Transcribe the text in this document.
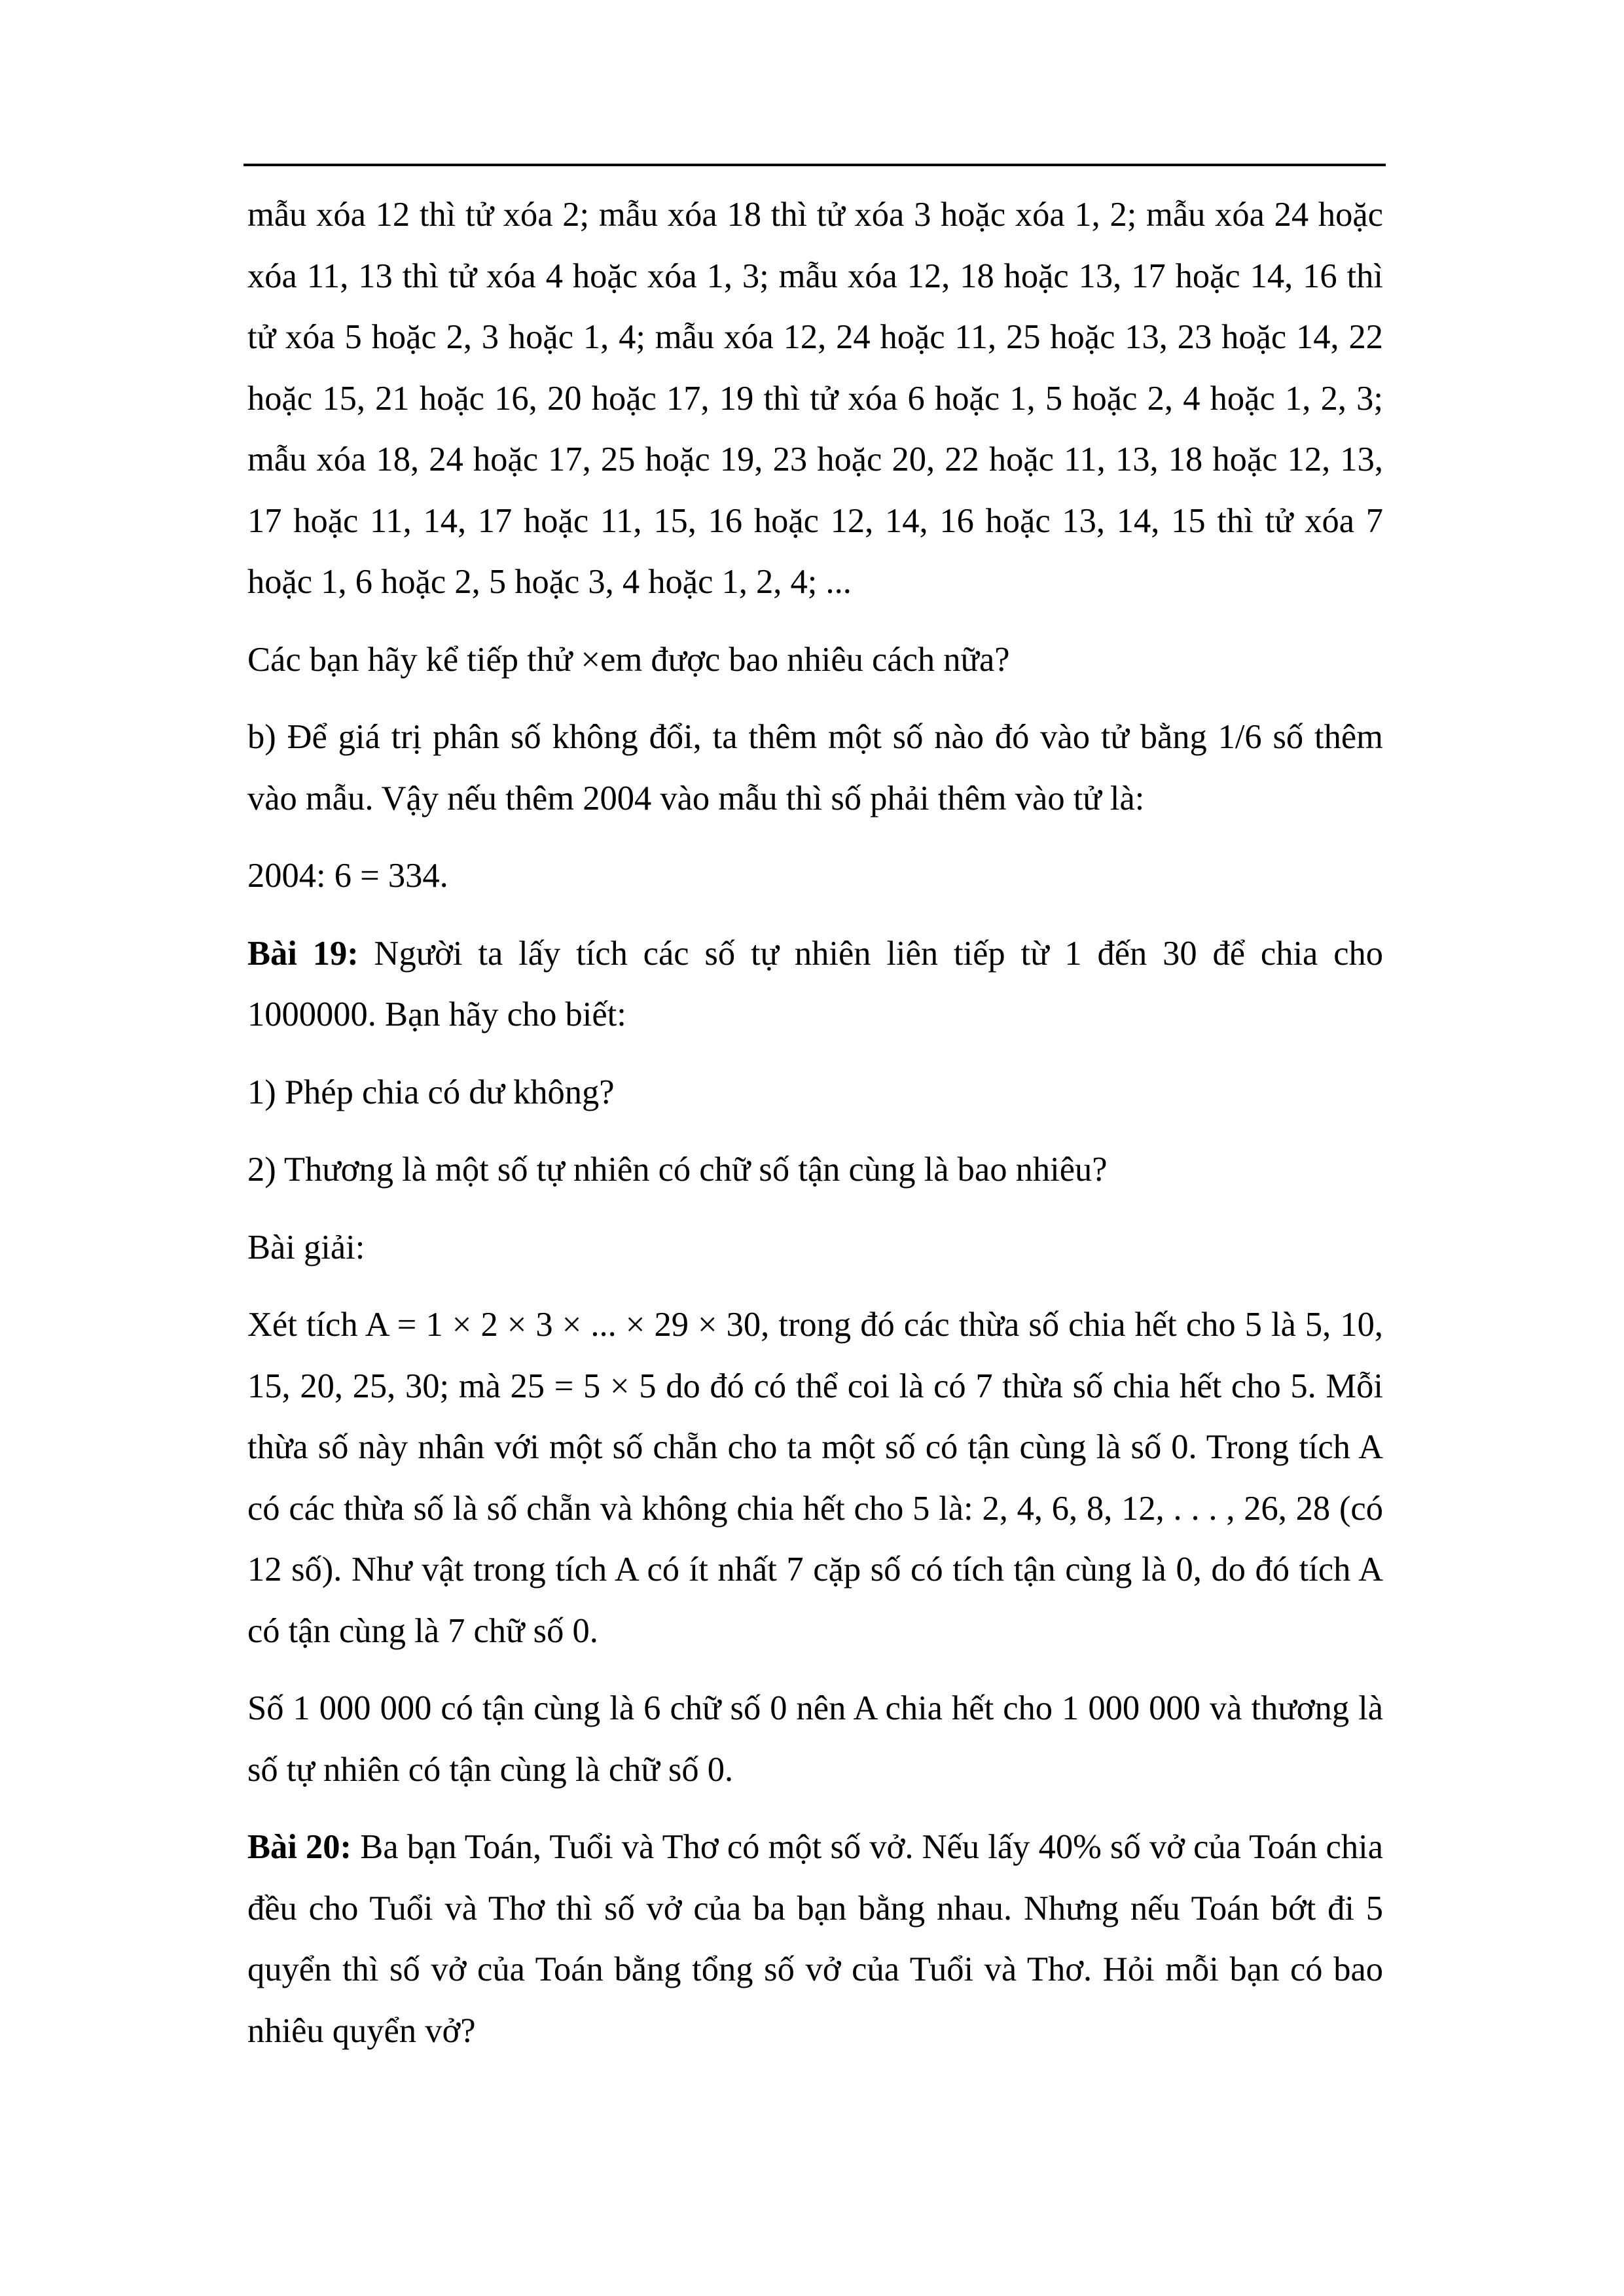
mẫu xóa 12 thì tử xóa 2; mẫu xóa 18 thì tử xóa 3 hoặc xóa 1, 2; mẫu xóa 24 hoặc xóa 11, 13 thì tử xóa 4 hoặc xóa 1, 3; mẫu xóa 12, 18 hoặc 13, 17 hoặc 14, 16 thì tử xóa 5 hoặc 2, 3 hoặc 1, 4; mẫu xóa 12, 24 hoặc 11, 25 hoặc 13, 23 hoặc 14, 22 hoặc 15, 21 hoặc 16, 20 hoặc 17, 19 thì tử xóa 6 hoặc 1, 5 hoặc 2, 4 hoặc 1, 2, 3; mẫu xóa 18, 24 hoặc 17, 25 hoặc 19, 23 hoặc 20, 22 hoặc 11, 13, 18 hoặc 12, 13, 17 hoặc 11, 14, 17 hoặc 11, 15, 16 hoặc 12, 14, 16 hoặc 13, 14, 15 thì tử xóa 7 hoặc 1, 6 hoặc 2, 5 hoặc 3, 4 hoặc 1, 2, 4; ...

Các bạn hãy kể tiếp thử ×em được bao nhiêu cách nữa?

b) Để giá trị phân số không đổi, ta thêm một số nào đó vào tử bằng 1/6 số thêm vào mẫu. Vậy nếu thêm 2004 vào mẫu thì số phải thêm vào tử là:

2004: 6 = 334.

Bài 19: Người ta lấy tích các số tự nhiên liên tiếp từ 1 đến 30 để chia cho 1000000. Bạn hãy cho biết:

1) Phép chia có dư không?

2) Thương là một số tự nhiên có chữ số tận cùng là bao nhiêu?

Bài giải:

Xét tích A = 1 × 2 × 3 × ... × 29 × 30, trong đó các thừa số chia hết cho 5 là 5, 10, 15, 20, 25, 30; mà 25 = 5 × 5 do đó có thể coi là có 7 thừa số chia hết cho 5. Mỗi thừa số này nhân với một số chẵn cho ta một số có tận cùng là số 0. Trong tích A có các thừa số là số chẵn và không chia hết cho 5 là: 2, 4, 6, 8, 12, . . . , 26, 28 (có 12 số). Như vật trong tích A có ít nhất 7 cặp số có tích tận cùng là 0, do đó tích A có tận cùng là 7 chữ số 0.

Số 1 000 000 có tận cùng là 6 chữ số 0 nên A chia hết cho 1 000 000 và thương là số tự nhiên có tận cùng là chữ số 0.

Bài 20: Ba bạn Toán, Tuổi và Thơ có một số vở. Nếu lấy 40% số vở của Toán chia đều cho Tuổi và Thơ thì số vở của ba bạn bằng nhau. Nhưng nếu Toán bớt đi 5 quyển thì số vở của Toán bằng tổng số vở của Tuổi và Thơ. Hỏi mỗi bạn có bao nhiêu quyển vở?
